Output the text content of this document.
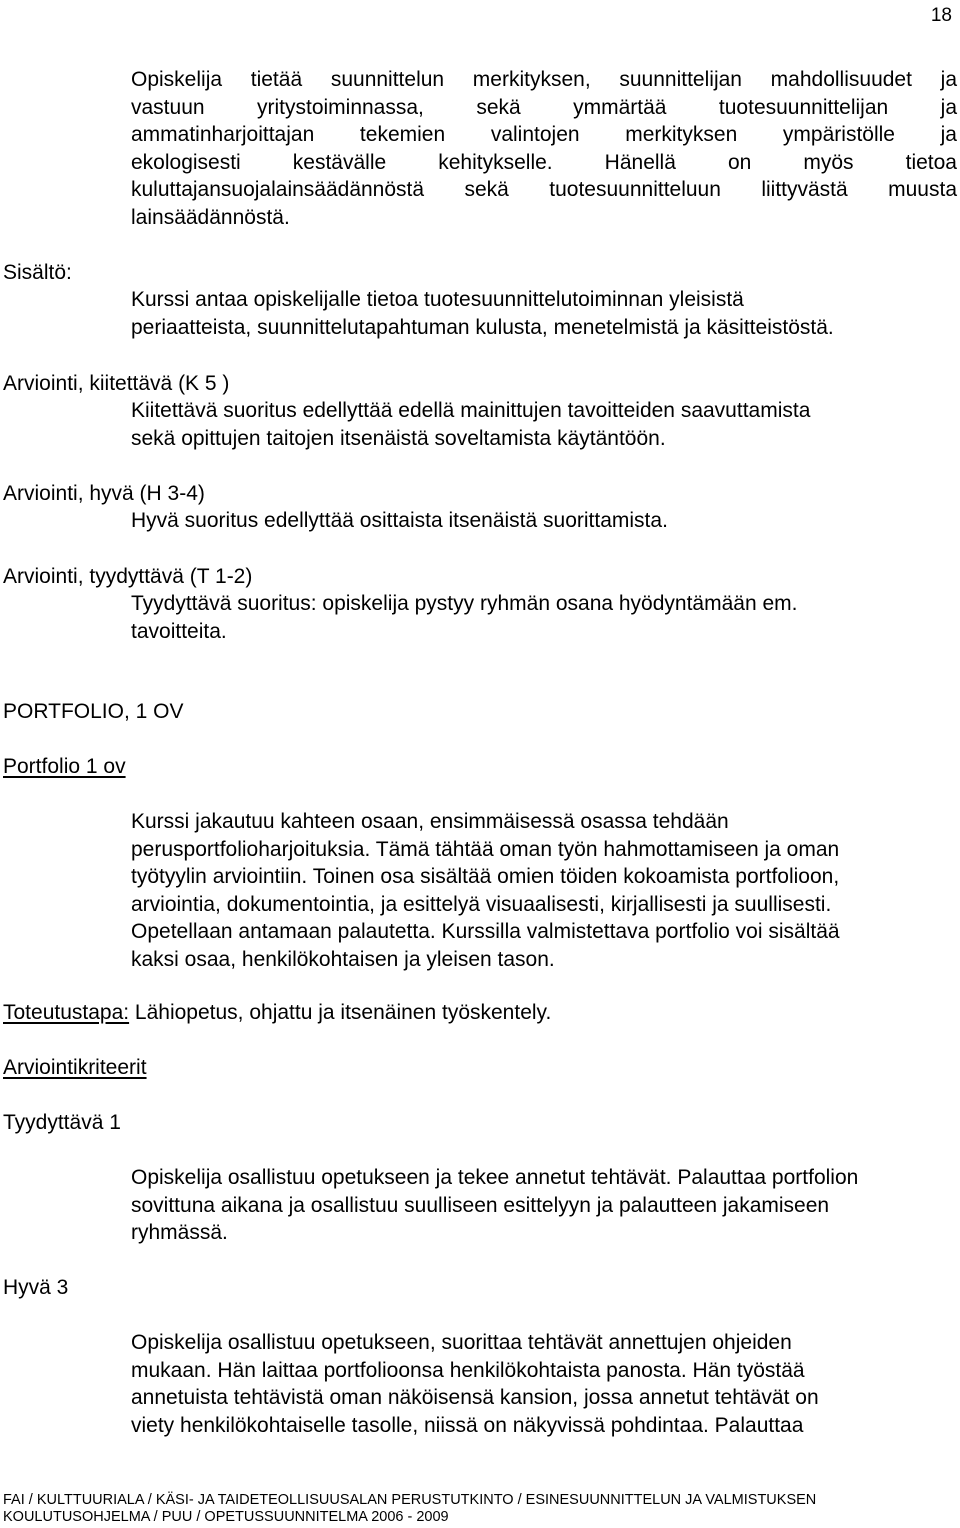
18

Opiskelija tietää suunnittelun merkityksen, suunnittelijan mahdollisuudet ja

vastuun yritystoiminnassa, sekä ymmärtää tuotesuunnittelijan ja

ammatinharjoittajan tekemien valintojen merkityksen ympäristölle ja

ekologisesti kestävälle kehitykselle. Hänellä on myös tietoa

kuluttajansuojalainsäädännöstä sekä tuotesuunnitteluun liittyvästä muusta

lainsäädännöstä.

Sisältö:

Kurssi antaa opiskelijalle tietoa tuotesuunnittelutoiminnan yleisistä

periaatteista, suunnittelutapahtuman kulusta, menetelmistä ja käsitteistöstä.

Arviointi, kiitettävä (K 5 )

Kiitettävä suoritus edellyttää edellä mainittujen tavoitteiden saavuttamista

sekä opittujen taitojen itsenäistä soveltamista käytäntöön.

Arviointi, hyvä (H 3-4)

Hyvä suoritus edellyttää osittaista itsenäistä suorittamista.

Arviointi, tyydyttävä (T 1-2)

Tyydyttävä suoritus: opiskelija pystyy ryhmän osana hyödyntämään em.

tavoitteita.

PORTFOLIO, 1 OV
Portfolio 1 ov

Kurssi jakautuu kahteen osaan, ensimmäisessä osassa tehdään

perusportfolioharjoituksia. Tämä tähtää oman työn hahmottamiseen ja oman

työtyylin arviointiin. Toinen osa sisältää omien töiden kokoamista portfolioon,

arviointia, dokumentointia, ja esittelyä visuaalisesti, kirjallisesti ja suullisesti.

Opetellaan antamaan palautetta. Kurssilla valmistettava portfolio voi sisältää

kaksi osaa, henkilökohtaisen ja yleisen tason.

Toteutustapa: Lähiopetus, ohjattu ja itsenäinen työskentely.
Arviointikriteerit
Tyydyttävä 1

Opiskelija osallistuu opetukseen ja tekee annetut tehtävät. Palauttaa portfolion

sovittuna aikana ja osallistuu suulliseen esittelyyn ja palautteen jakamiseen

ryhmässä.

Hyvä 3

Opiskelija osallistuu opetukseen, suorittaa tehtävät annettujen ohjeiden

mukaan. Hän laittaa portfolioonsa henkilökohtaista panosta. Hän työstää

annetuista tehtävistä oman näköisensä kansion, jossa annetut tehtävät on

viety henkilökohtaiselle tasolle, niissä on näkyvissä pohdintaa. Palauttaa

FAI / KULTTUURIALA / KÄSI- JA TAIDETEOLLISUUSALAN PERUSTUTKINTO / ESINESUUNNITTELUN JA VALMISTUKSEN
KOULUTUSOHJELMA / PUU / OPETUSSUUNNITELMA 2006 - 2009
